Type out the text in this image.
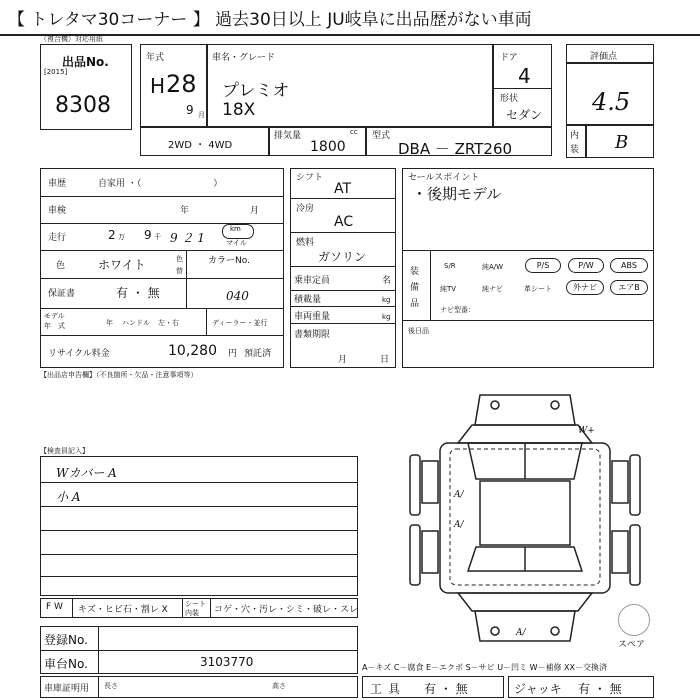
【 トレタマ30コーナー 】 過去30日以上 JU岐阜に出品歴がない車両
（複合機）対応用紙
出品No.
[2015]
8308
年式
H 28
9 月
車名・グレード
プレミオ
18X
ドア
4
形状
セダン
2WD ・ 4WD
排気量	cc
1800
型式
DBA － ZRT260
評価点
4.5
内
装 B
車歴	自家用 ・（　　　　　　　　）
車検	年	月
走行	2 万 9 千 9 ２ 1
km
マイル
色	ホワイト	色
替
カラーNo.
040
保証書	有 ・ 無
モデル
年　式	年 ハンドル 左・右	ディーラー・並行
リサイクル料金	10,280 円 預託済
シフト
AT
冷房
AC
燃料
ガソリン
乗車定員	名
積載量	kg
車両重量	kg
書類期限
月	日
セールスポイント
・後期モデル
装
備
品
S/R	純A/W	P/S	P/W	ABS
純TV	純ナビ	革シート	外ナビ	エアB
ナビ型番：
後日品
【出品店申告欄】（不良箇所・欠品・注意事項等）
【検査員記入】
Wカバー A
小 A
F W キズ・ヒビ石・割レ X
シート
内装 コゲ・穴・汚レ・シミ・破レ・スレ
登録No.
車台No.	3103770
車庫証明用 長さ	高さ
A－キズ C－腐食 E－エクボ S－サビ U－凹ミ W－補修 XX－交換済
工具 有 ・ 無	ジャッキ 有 ・ 無
W+
A/
A/
A/
スペア
